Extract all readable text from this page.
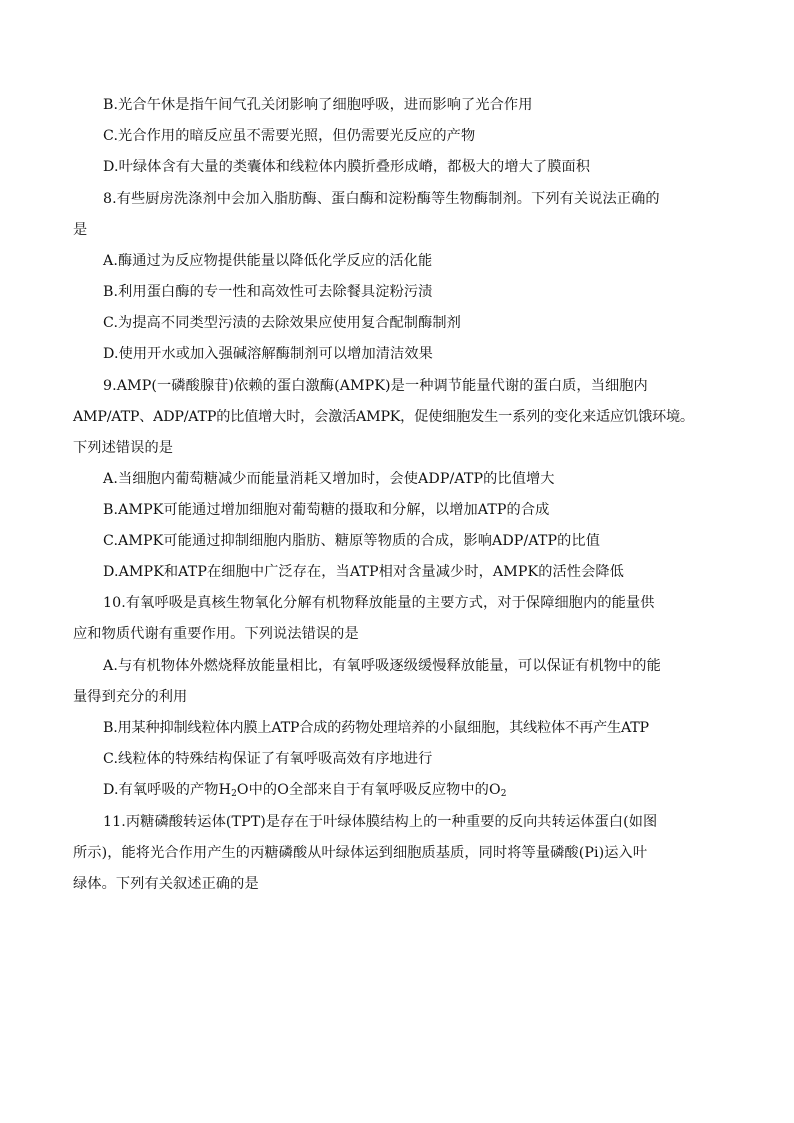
B.光合午休是指午间气孔关闭影响了细胞呼吸，进而影响了光合作用
C.光合作用的暗反应虽不需要光照，但仍需要光反应的产物
D.叶绿体含有大量的类囊体和线粒体内膜折叠形成嵴，都极大的增大了膜面积
8.有些厨房洗涤剂中会加入脂肪酶、蛋白酶和淀粉酶等生物酶制剂。下列有关说法正确的
是
A.酶通过为反应物提供能量以降低化学反应的活化能
B.利用蛋白酶的专一性和高效性可去除餐具淀粉污渍
C.为提高不同类型污渍的去除效果应使用复合配制酶制剂
D.使用开水或加入强碱溶解酶制剂可以增加清洁效果
9.AMP(一磷酸腺苷)依赖的蛋白激酶(AMPK)是一种调节能量代谢的蛋白质，当细胞内
AMP/ATP、ADP/ATP的比值增大时，会激活AMPK，促使细胞发生一系列的变化来适应饥饿环境。
下列述错误的是
A.当细胞内葡萄糖减少而能量消耗又增加时，会使ADP/ATP的比值增大
B.AMPK可能通过增加细胞对葡萄糖的摄取和分解，以增加ATP的合成
C.AMPK可能通过抑制细胞内脂肪、糖原等物质的合成，影响ADP/ATP的比值
D.AMPK和ATP在细胞中广泛存在，当ATP相对含量减少时，AMPK的活性会降低
10.有氧呼吸是真核生物氧化分解有机物释放能量的主要方式，对于保障细胞内的能量供
应和物质代谢有重要作用。下列说法错误的是
A.与有机物体外燃烧释放能量相比，有氧呼吸逐级缓慢释放能量，可以保证有机物中的能
量得到充分的利用
B.用某种抑制线粒体内膜上ATP合成的药物处理培养的小鼠细胞，其线粒体不再产生ATP
C.线粒体的特殊结构保证了有氧呼吸高效有序地进行
D.有氧呼吸的产物$H_2O$中的O全部来自于有氧呼吸反应物中的$O_2$
11.丙糖磷酸转运体(TPT)是存在于叶绿体膜结构上的一种重要的反向共转运体蛋白(如图
所示)，能将光合作用产生的丙糖磷酸从叶绿体运到细胞质基质，同时将等量磷酸(Pi)运入叶
绿体。下列有关叙述正确的是
